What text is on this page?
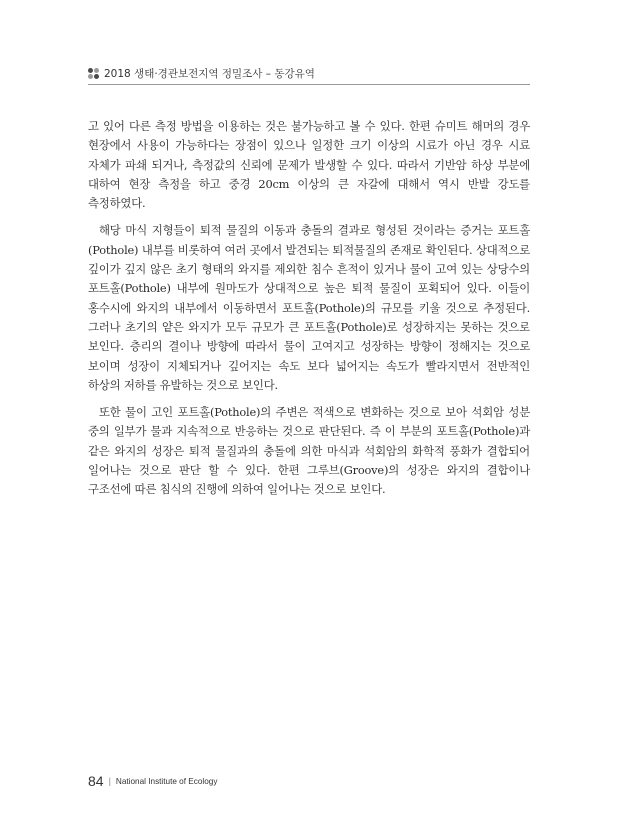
2018 생태·경관보전지역 정밀조사 – 동강유역

고 있어 다른 측정 방법을 이용하는 것은 불가능하고 볼 수 있다. 한편 슈미트 해머의 경우 현장에서 사용이 가능하다는 장점이 있으나 일정한 크기 이상의 시료가 아닌 경우 시료 자체가 파쇄 되거나, 측정값의 신뢰에 문제가 발생할 수 있다. 따라서 기반암 하상 부분에 대하여 현장 측정을 하고 중경 20cm 이상의 큰 자갈에 대해서 역시 반발 강도를 측정하였다.

해당 마식 지형들이 퇴적 물질의 이동과 충돌의 결과로 형성된 것이라는 증거는 포트홀(Pothole) 내부를 비롯하여 여러 곳에서 발견되는 퇴적물질의 존재로 확인된다. 상대적으로 깊이가 깊지 않은 초기 형태의 와지를 제외한 침수 흔적이 있거나 물이 고여 있는 상당수의 포트홀(Pothole) 내부에 원마도가 상대적으로 높은 퇴적 물질이 포획되어 있다. 이들이 홍수시에 와지의 내부에서 이동하면서 포트홀(Pothole)의 규모를 키울 것으로 추정된다. 그러나 초기의 얕은 와지가 모두 규모가 큰 포트홀(Pothole)로 성장하지는 못하는 것으로 보인다. 층리의 결이나 방향에 따라서 물이 고여지고 성장하는 방향이 정해지는 것으로 보이며 성장이 지체되거나 깊어지는 속도 보다 넓어지는 속도가 빨라지면서 전반적인 하상의 저하를 유발하는 것으로 보인다.

또한 물이 고인 포트홀(Pothole)의 주변은 적색으로 변화하는 것으로 보아 석회암 성분 중의 일부가 물과 지속적으로 반응하는 것으로 판단된다. 즉 이 부분의 포트홀(Pothole)과 같은 와지의 성장은 퇴적 물질과의 충돌에 의한 마식과 석회암의 화학적 풍화가 결합되어 일어나는 것으로 판단 할 수 있다. 한편 그루브(Groove)의 성장은 와지의 결합이나 구조선에 따른 침식의 진행에 의하여 일어나는 것으로 보인다.

84 | National Institute of Ecology
